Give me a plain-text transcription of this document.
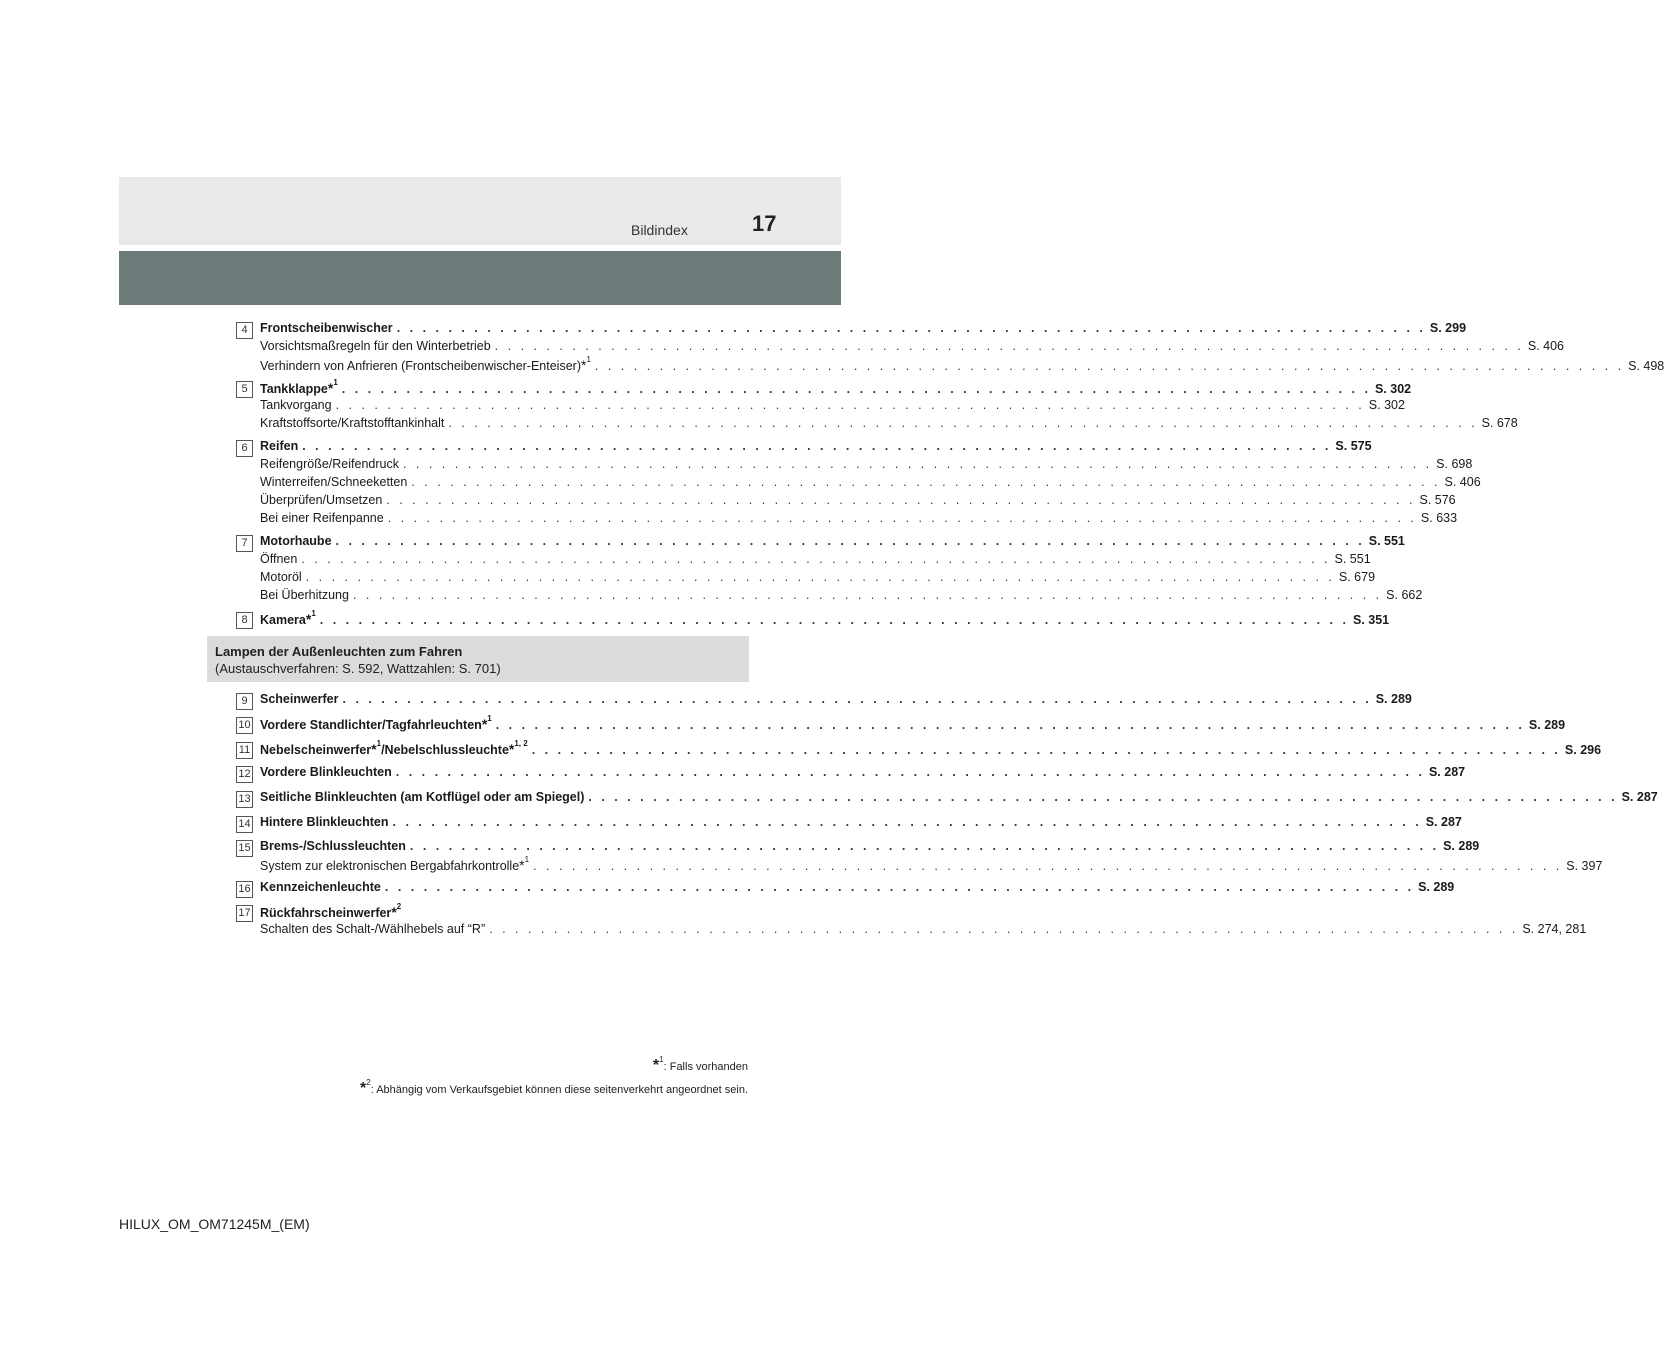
Bildindex	17
4 Frontscheibenwischer . . . . . . . . . . . . . . . . . . . . . . . . . . . . . . . . . . . . . . . . . . . . . . . . . . . . . . . . . . . . . . . . . . . . . . . . . . . . . . . . S. 299
Vorsichtsmaßregeln für den Winterbetrieb . . . . . . . . . . . . . . . . . . . . . . . . . . . . . . . . . . . . . . . . . . . . . . . . . . . . . . . . . . . . . . . . . . . . . . . . . . . . . . . . S. 406
Verhindern von Anfrieren (Frontscheibenwischer-Enteiser)*$^1$ . . . . . . . . . . . . . . . . . . . . . . . . . . . . . . . . . . . . . . . . . . . . . . . . . . . . . . . . . . . . . . . . . . . . . . . . . . . . . . . . S. 498
5 Tankklappe*$^1$ . . . . . . . . . . . . . . . . . . . . . . . . . . . . . . . . . . . . . . . . . . . . . . . . . . . . . . . . . . . . . . . . . . . . . . . . . . . . . . . . S. 302
Tankvorgang . . . . . . . . . . . . . . . . . . . . . . . . . . . . . . . . . . . . . . . . . . . . . . . . . . . . . . . . . . . . . . . . . . . . . . . . . . . . . . . . S. 302
Kraftstoffsorte/Kraftstofftankinhalt . . . . . . . . . . . . . . . . . . . . . . . . . . . . . . . . . . . . . . . . . . . . . . . . . . . . . . . . . . . . . . . . . . . . . . . . . . . . . . . . S. 678
6 Reifen . . . . . . . . . . . . . . . . . . . . . . . . . . . . . . . . . . . . . . . . . . . . . . . . . . . . . . . . . . . . . . . . . . . . . . . . . . . . . . . . S. 575
Reifengröße/Reifendruck . . . . . . . . . . . . . . . . . . . . . . . . . . . . . . . . . . . . . . . . . . . . . . . . . . . . . . . . . . . . . . . . . . . . . . . . . . . . . . . . S. 698
Winterreifen/Schneeketten . . . . . . . . . . . . . . . . . . . . . . . . . . . . . . . . . . . . . . . . . . . . . . . . . . . . . . . . . . . . . . . . . . . . . . . . . . . . . . . . S. 406
Überprüfen/Umsetzen . . . . . . . . . . . . . . . . . . . . . . . . . . . . . . . . . . . . . . . . . . . . . . . . . . . . . . . . . . . . . . . . . . . . . . . . . . . . . . . . S. 576
Bei einer Reifenpanne . . . . . . . . . . . . . . . . . . . . . . . . . . . . . . . . . . . . . . . . . . . . . . . . . . . . . . . . . . . . . . . . . . . . . . . . . . . . . . . . S. 633
7 Motorhaube . . . . . . . . . . . . . . . . . . . . . . . . . . . . . . . . . . . . . . . . . . . . . . . . . . . . . . . . . . . . . . . . . . . . . . . . . . . . . . . . S. 551
Öffnen . . . . . . . . . . . . . . . . . . . . . . . . . . . . . . . . . . . . . . . . . . . . . . . . . . . . . . . . . . . . . . . . . . . . . . . . . . . . . . . . S. 551
Motoröl . . . . . . . . . . . . . . . . . . . . . . . . . . . . . . . . . . . . . . . . . . . . . . . . . . . . . . . . . . . . . . . . . . . . . . . . . . . . . . . . S. 679
Bei Überhitzung . . . . . . . . . . . . . . . . . . . . . . . . . . . . . . . . . . . . . . . . . . . . . . . . . . . . . . . . . . . . . . . . . . . . . . . . . . . . . . . . S. 662
8 Kamera*$^1$ . . . . . . . . . . . . . . . . . . . . . . . . . . . . . . . . . . . . . . . . . . . . . . . . . . . . . . . . . . . . . . . . . . . . . . . . . . . . . . . . S. 351
9 Scheinwerfer . . . . . . . . . . . . . . . . . . . . . . . . . . . . . . . . . . . . . . . . . . . . . . . . . . . . . . . . . . . . . . . . . . . . . . . . . . . . . . . . S. 289
10 Vordere Standlichter/Tagfahrleuchten*$^1$ . . . . . . . . . . . . . . . . . . . . . . . . . . . . . . . . . . . . . . . . . . . . . . . . . . . . . . . . . . . . . . . . . . . . . . . . . . . . . . . . S. 289
11 Nebelscheinwerfer*$^1$/Nebelschlussleuchte*$^{1, 2}$ . . . . . . . . . . . . . . . . . . . . . . . . . . . . . . . . . . . . . . . . . . . . . . . . . . . . . . . . . . . . . . . . . . . . . . . . . . . . . . . . S. 296
12 Vordere Blinkleuchten . . . . . . . . . . . . . . . . . . . . . . . . . . . . . . . . . . . . . . . . . . . . . . . . . . . . . . . . . . . . . . . . . . . . . . . . . . . . . . . . S. 287
13 Seitliche Blinkleuchten (am Kotflügel oder am Spiegel) . . . . . . . . . . . . . . . . . . . . . . . . . . . . . . . . . . . . . . . . . . . . . . . . . . . . . . . . . . . . . . . . . . . . . . . . . . . . . . . . S. 287
14 Hintere Blinkleuchten . . . . . . . . . . . . . . . . . . . . . . . . . . . . . . . . . . . . . . . . . . . . . . . . . . . . . . . . . . . . . . . . . . . . . . . . . . . . . . . . S. 287
15 Brems-/Schlussleuchten . . . . . . . . . . . . . . . . . . . . . . . . . . . . . . . . . . . . . . . . . . . . . . . . . . . . . . . . . . . . . . . . . . . . . . . . . . . . . . . . S. 289
System zur elektronischen Bergabfahrkontrolle*$^1$ . . . . . . . . . . . . . . . . . . . . . . . . . . . . . . . . . . . . . . . . . . . . . . . . . . . . . . . . . . . . . . . . . . . . . . . . . . . . . . . . S. 397
16 Kennzeichenleuchte . . . . . . . . . . . . . . . . . . . . . . . . . . . . . . . . . . . . . . . . . . . . . . . . . . . . . . . . . . . . . . . . . . . . . . . . . . . . . . . . S. 289
17 Rückfahrscheinwerfer*$^2$
Schalten des Schalt-/Wählhebels auf “R” . . . . . . . . . . . . . . . . . . . . . . . . . . . . . . . . . . . . . . . . . . . . . . . . . . . . . . . . . . . . . . . . . . . . . . . . . . . . . . . . S. 274, 281
Lampen der Außenleuchten zum Fahren
(Austauschverfahren: S. 592, Wattzahlen: S. 701)
*$^1$: Falls vorhanden
*$^2$: Abhängig vom Verkaufsgebiet können diese seitenverkehrt angeordnet sein.
HILUX_OM_OM71245M_(EM)
